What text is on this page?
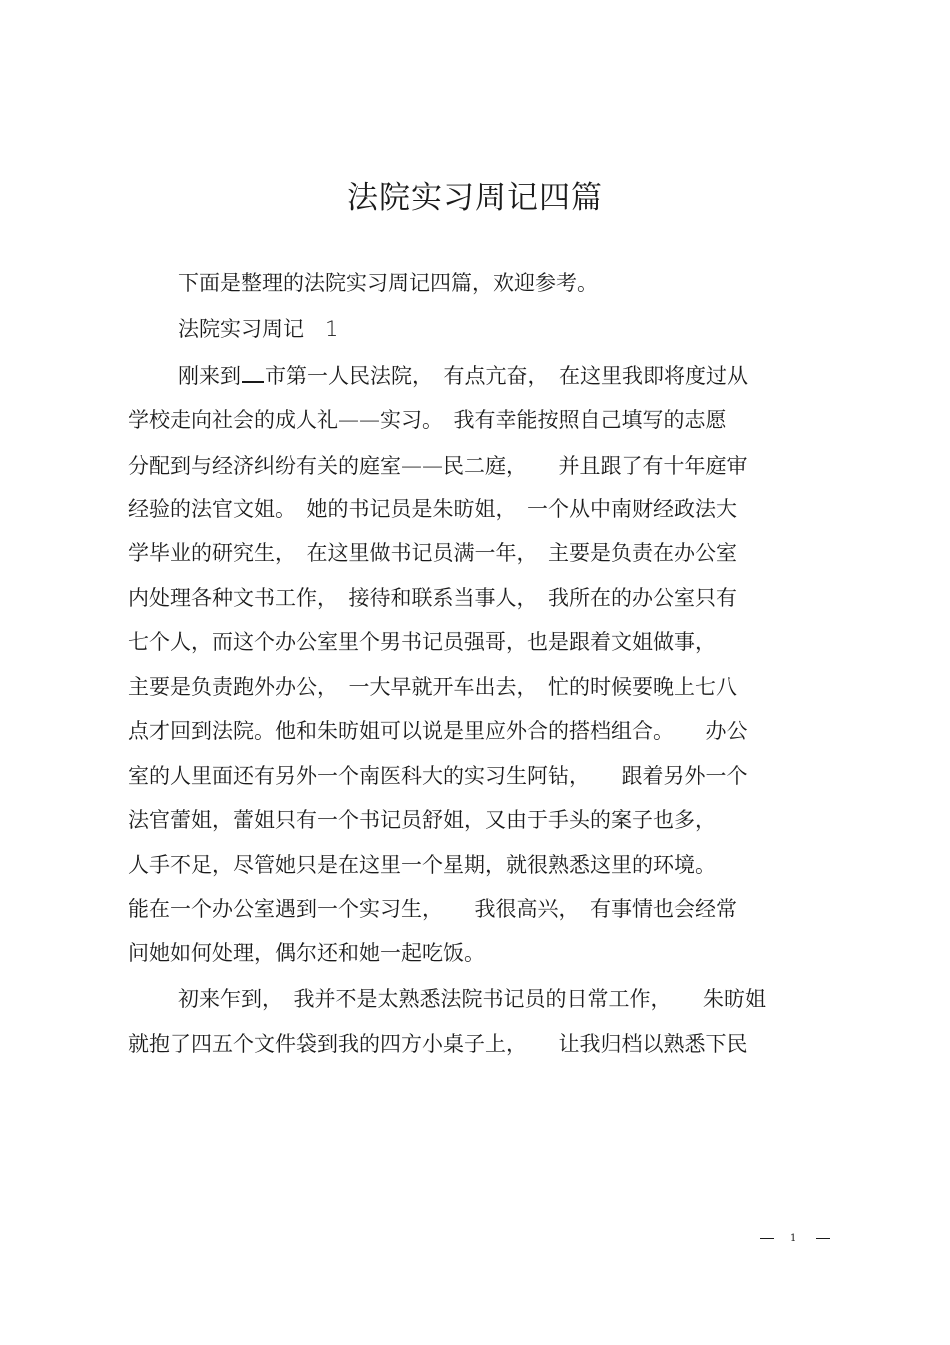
法院实习周记四篇
下面是整理的法院实习周记四篇，欢迎参考。
法院实习周记　1
刚来到 市第一人民法院，　有点亢奋，　在这里我即将度过从
学校走向社会的成人礼——实习。　我有幸能按照自己填写的志愿
分配到与经济纠纷有关的庭室——民二庭，　　并且跟了有十年庭审
经验的法官文姐。　她的书记员是朱昉姐，　一个从中南财经政法大
学毕业的研究生，　在这里做书记员满一年，　主要是负责在办公室
内处理各种文书工作，　接待和联系当事人，　我所在的办公室只有
七个人，而这个办公室里个男书记员强哥，也是跟着文姐做事，
主要是负责跑外办公，　一大早就开车出去，　忙的时候要晚上七八
点才回到法院。他和朱昉姐可以说是里应外合的搭档组合。　　办公
室的人里面还有另外一个南医科大的实习生阿钻，　　跟着另外一个
法官蕾姐，蕾姐只有一个书记员舒姐，又由于手头的案子也多，
人手不足，尽管她只是在这里一个星期，就很熟悉这里的环境。
能在一个办公室遇到一个实习生，　　我很高兴，　有事情也会经常
问她如何处理，偶尔还和她一起吃饭。
初来乍到，　我并不是太熟悉法院书记员的日常工作，　　朱昉姐
就抱了四五个文件袋到我的四方小桌子上，　　让我归档以熟悉下民
1
